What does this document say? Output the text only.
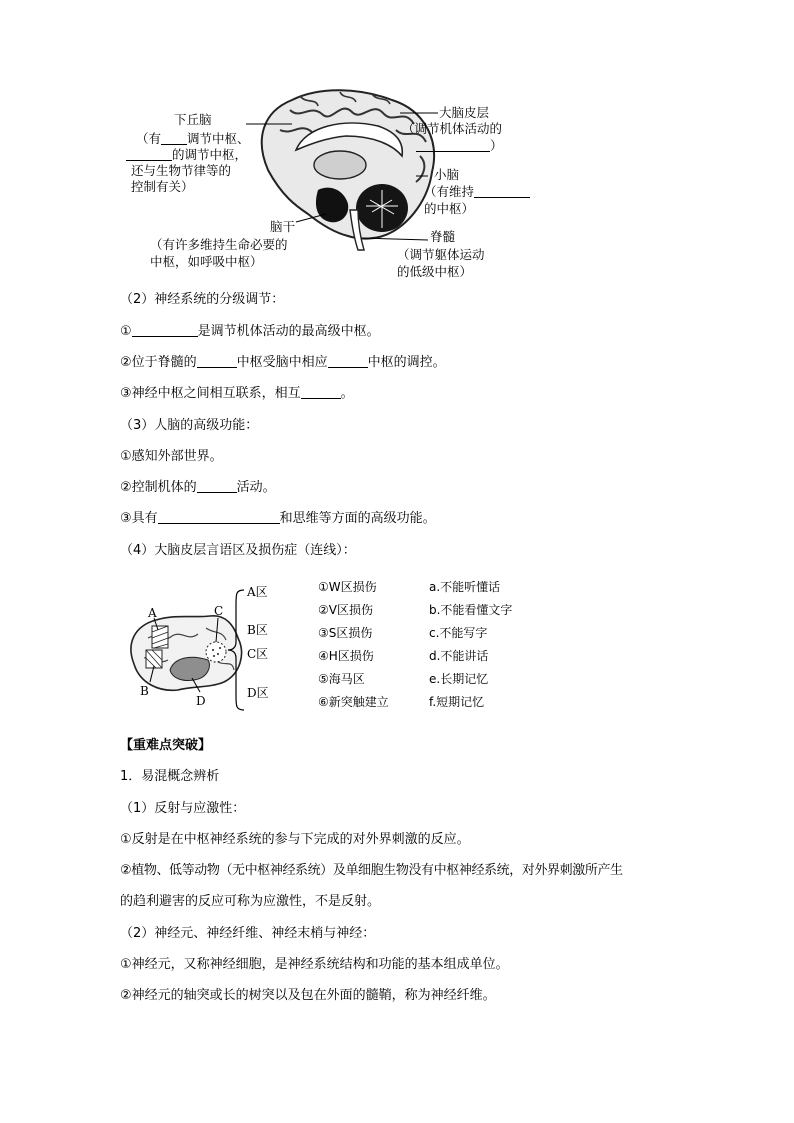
下丘脑
（有 调节中枢、
的调节中枢，
还与生物节律等的
控制有关）
大脑皮层
（调节机体活动的
）
小脑
（有维持
的中枢）
脑干
（有许多维持生命必要的
中枢，如呼吸中枢）
脊髓
（调节躯体运动
的低级中枢）
（2）神经系统的分级调节：
①	是调节机体活动的最高级中枢。
②位于脊髓的	中枢受脑中相应	中枢的调控。
③神经中枢之间相互联系，相互	。
（3）人脑的高级功能：
①感知外部世界。
②控制机体的	活动。
③具有	和思维等方面的高级功能。
（4）大脑皮层言语区及损伤症（连线）：
A	C
B
D
A区
B区
C区
D区
①W区损伤
②V区损伤
③S区损伤
④H区损伤
⑤海马区
⑥新突触建立
a.不能听懂话
b.不能看懂文字
c.不能写字
d.不能讲话
e.长期记忆
f.短期记忆
【重难点突破】
1．易混概念辨析
（1）反射与应激性：
①反射是在中枢神经系统的参与下完成的对外界刺激的反应。
②植物、低等动物（无中枢神经系统）及单细胞生物没有中枢神经系统，对外界刺激所产生
的趋利避害的反应可称为应激性，不是反射。
（2）神经元、神经纤维、神经末梢与神经：
①神经元，又称神经细胞，是神经系统结构和功能的基本组成单位。
②神经元的轴突或长的树突以及包在外面的髓鞘，称为神经纤维。
